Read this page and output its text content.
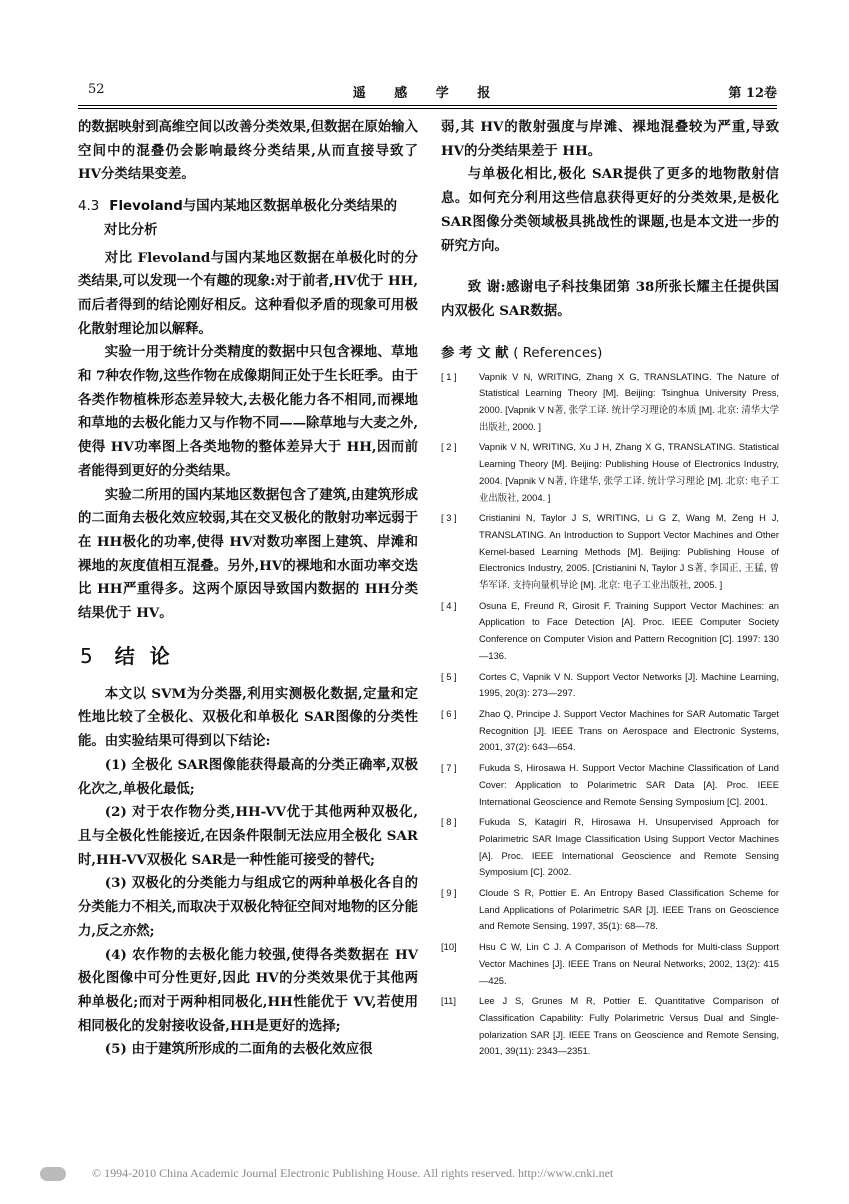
52	遥 感 学 报	第 12卷

的数据映射到高维空间以改善分类效果,但数据在原始输入空间中的混叠仍会影响最终分类结果,从而直接导致了 HV分类结果变差。

4.3 Flevoland与国内某地区数据单极化分类结果的
对比分析

对比 Flevoland与国内某地区数据在单极化时的分类结果,可以发现一个有趣的现象:对于前者,HV优于 HH,而后者得到的结论刚好相反。这种看似矛盾的现象可用极化散射理论加以解释。

实验一用于统计分类精度的数据中只包含裸地、草地和 7种农作物,这些作物在成像期间正处于生长旺季。由于各类作物植株形态差异较大,去极化能力各不相同,而裸地和草地的去极化能力又与作物不同——除草地与大麦之外,使得 HV功率图上各类地物的整体差异大于 HH,因而前者能得到更好的分类结果。

实验二所用的国内某地区数据包含了建筑,由建筑形成的二面角去极化效应较弱,其在交叉极化的散射功率远弱于在 HH极化的功率,使得 HV对数功率图上建筑、岸滩和裸地的灰度值相互混叠。另外,HV的裸地和水面功率交迭比 HH严重得多。这两个原因导致国内数据的 HH分类结果优于 HV。

5 结 论

本文以 SVM为分类器,利用实测极化数据,定量和定性地比较了全极化、双极化和单极化 SAR图像的分类性能。由实验结果可得到以下结论:

(1) 全极化 SAR图像能获得最高的分类正确率,双极化次之,单极化最低;

(2) 对于农作物分类,HH-VV优于其他两种双极化,且与全极化性能接近,在因条件限制无法应用全极化 SAR时,HH-VV双极化 SAR是一种性能可接受的替代;

(3) 双极化的分类能力与组成它的两种单极化各自的分类能力不相关,而取决于双极化特征空间对地物的区分能力,反之亦然;

(4) 农作物的去极化能力较强,使得各类数据在 HV极化图像中可分性更好,因此 HV的分类效果优于其他两种单极化;而对于两种相同极化,HH性能优于 VV,若使用相同极化的发射接收设备,HH是更好的选择;

(5) 由于建筑所形成的二面角的去极化效应很

弱,其 HV的散射强度与岸滩、裸地混叠较为严重,导致 HV的分类结果差于 HH。

与单极化相比,极化 SAR提供了更多的地物散射信息。如何充分利用这些信息获得更好的分类效果,是极化 SAR图像分类领域极具挑战性的课题,也是本文进一步的研究方向。

致 谢:感谢电子科技集团第 38所张长耀主任提供国内双极化 SAR数据。

参 考 文 献 ( References)

[ 1 ] Vapnik V N, WRITING, Zhang X G, TRANSLATING. The Nature of Statistical Learning Theory [M]. Beijing: Tsinghua University Press, 2000. [Vapnik V N著, 张学工译. 统计学习理论的本质 [M]. 北京: 清华大学出版社, 2000. ]

[ 2 ] Vapnik V N, WRITING, Xu J H, Zhang X G, TRANSLATING. Statistical Learning Theory [M]. Beijing: Publishing House of Electronics Industry, 2004. [Vapnik V N著, 许建华, 张学工译. 统计学习理论 [M]. 北京: 电子工业出版社, 2004. ]

[ 3 ] Cristianini N, Taylor J S, WRITING, Li G Z, Wang M, Zeng H J, TRANSLATING. An Introduction to Support Vector Machines and Other Kernel-based Learning Methods [M]. Beijing: Publishing House of Electronics Industry, 2005. [Cristianini N, Taylor J S著, 李国正, 王猛, 曾华军译. 支持向量机导论 [M]. 北京: 电子工业出版社, 2005. ]

[ 4 ] Osuna E, Freund R, Girosit F. Training Support Vector Machines: an Application to Face Detection [A]. Proc. IEEE Computer Society Conference on Computer Vision and Pattern Recognition [C]. 1997: 130—136.

[ 5 ] Cortes C, Vapnik V N. Support Vector Networks [J]. Machine Learning, 1995, 20(3): 273—297.

[ 6 ] Zhao Q, Principe J. Support Vector Machines for SAR Automatic Target Recognition [J]. IEEE Trans on Aerospace and Electronic Systems, 2001, 37(2): 643—654.

[ 7 ] Fukuda S, Hirosawa H. Support Vector Machine Classification of Land Cover: Application to Polarimetric SAR Data [A]. Proc. IEEE International Geoscience and Remote Sensing Symposium [C]. 2001.

[ 8 ] Fukuda S, Katagiri R, Hirosawa H. Unsupervised Approach for Polarimetric SAR Image Classification Using Support Vector Machines [A]. Proc. IEEE International Geoscience and Remote Sensing Symposium [C]. 2002.

[ 9 ] Cloude S R, Pottier E. An Entropy Based Classification Scheme for Land Applications of Polarimetric SAR [J]. IEEE Trans on Geoscience and Remote Sensing, 1997, 35(1): 68—78.

[10] Hsu C W, Lin C J. A Comparison of Methods for Multi-class Support Vector Machines [J]. IEEE Trans on Neural Networks, 2002, 13(2): 415—425.

[11] Lee J S, Grunes M R, Pottier E. Quantitative Comparison of Classification Capability: Fully Polarimetric Versus Dual and Single-polarization SAR [J]. IEEE Trans on Geoscience and Remote Sensing, 2001, 39(11): 2343—2351.

© 1994-2010 China Academic Journal Electronic Publishing House. All rights reserved. http://www.cnki.net
